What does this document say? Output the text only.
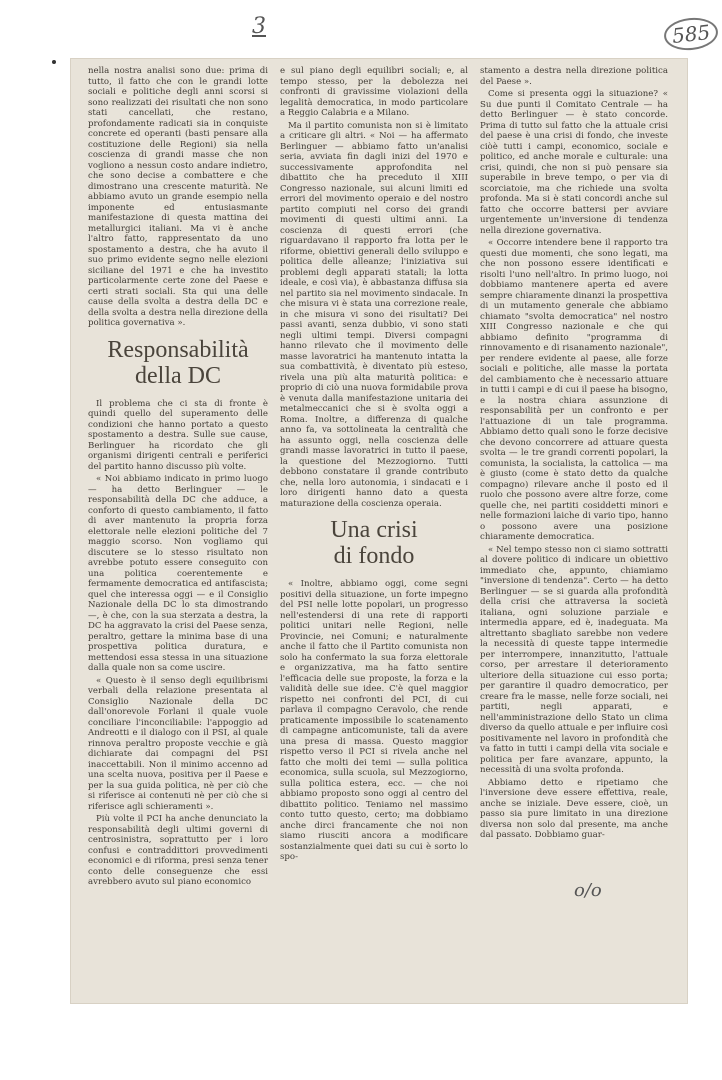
3	585

nella nostra analisi sono due: prima di tutto, il fatto che con le grandi lotte sociali e politiche degli anni scorsi si sono realizzati dei risultati che non sono stati cancellati, che restano, profondamente radicati sia in conquiste concrete ed operanti (basti pensare alla costituzione delle Regioni) sia nella coscienza di grandi masse che non vogliono a nessun costo andare indietro, che sono decise a combattere e che dimostrano una crescente maturità. Ne abbiamo avuto un grande esempio nella imponente ed entusiasmante manifestazione di questa mattina dei metallurgici italiani. Ma vi è anche l'altro fatto, rappresentato da uno spostamento a destra, che ha avuto il suo primo evidente segno nelle elezioni siciliane del 1971 e che ha investito particolarmente certe zone del Paese e certi strati sociali. Sta qui una delle cause della svolta a destra della DC e della svolta a destra nella direzione della politica governativa ».

Responsabilità
della DC

Il problema che ci sta di fronte è quindi quello del superamento delle condizioni che hanno portato a questo spostamento a destra. Sulle sue cause, Berlinguer ha ricordato che gli organismi dirigenti centrali e periferici del partito hanno discusso più volte.

« Noi abbiamo indicato in primo luogo — ha detto Berlinguer — le responsabilità della DC che adduce, a conforto di questo cambiamento, il fatto di aver mantenuto la propria forza elettorale nelle elezioni politiche del 7 maggio scorso. Non vogliamo qui discutere se lo stesso risultato non avrebbe potuto essere conseguito con una politica coerentemente e fermamente democratica ed antifascista; quel che interessa oggi — e il Consiglio Nazionale della DC lo sta dimostrando —, è che, con la sua sterzata a destra, la DC ha aggravato la crisi del Paese senza, peraltro, gettare la minima base di una prospettiva politica duratura, e mettendosi essa stessa in una situazione dalla quale non sa come uscire.

« Questo è il senso degli equilibrismi verbali della relazione presentata al Consiglio Nazionale della DC dall'onorevole Forlani il quale vuole conciliare l'inconciliabile: l'appoggio ad Andreotti e il dialogo con il PSI, al quale rinnova peraltro proposte vecchie e già dichiarate dai compagni del PSI inaccettabili. Non il minimo accenno ad una scelta nuova, positiva per il Paese e per la sua guida politica, nè per ciò che si riferisce ai contenuti nè per ciò che si riferisce agli schieramenti ».

Più volte il PCI ha anche denunciato la responsabilità degli ultimi governi di centrosinistra, soprattutto per i loro confusi e contraddittori provvedimenti economici e di riforma, presi senza tener conto delle conseguenze che essi avrebbero avuto sul piano economico

e sul piano degli equilibri sociali; e, al tempo stesso, per la debolezza nei confronti di gravissime violazioni della legalità democratica, in modo particolare a Reggio Calabria e a Milano.

Ma il partito comunista non si è limitato a criticare gli altri. « Noi — ha affermato Berlinguer — abbiamo fatto un'analisi seria, avviata fin dagli inizi del 1970 e successivamente approfondita nel dibattito che ha preceduto il XIII Congresso nazionale, sui alcuni limiti ed errori del movimento operaio e del nostro partito compiuti nel corso dei grandi movimenti di questi ultimi anni. La coscienza di questi errori (che riguardavano il rapporto fra lotta per le riforme, obiettivi generali dello sviluppo e politica delle alleanze; l'iniziativa sui problemi degli apparati statali; la lotta ideale, e così via), è abbastanza diffusa sia nel partito sia nel movimento sindacale. In che misura vi è stata una correzione reale, in che misura vi sono dei risultati? Dei passi avanti, senza dubbio, vi sono stati negli ultimi tempi. Diversi compagni hanno rilevato che il movimento delle masse lavoratrici ha mantenuto intatta la sua combattività, è diventato più esteso, rivela una più alta maturità politica: e proprio di ciò una nuova formidabile prova è venuta dalla manifestazione unitaria dei metalmeccanici che si è svolta oggi a Roma. Inoltre, a differenza di qualche anno fa, va sottolineata la centralità che ha assunto oggi, nella coscienza delle grandi masse lavoratrici in tutto il paese, la questione del Mezzogiorno. Tutti debbono constatare il grande contributo che, nella loro autonomia, i sindacati e i loro dirigenti hanno dato a questa maturazione della coscienza operaia.

Una crisi
di fondo

« Inoltre, abbiamo oggi, come segni positivi della situazione, un forte impegno del PSI nelle lotte popolari, un progresso nell'estendersi di una rete di rapporti politici unitari nelle Regioni, nelle Provincie, nei Comuni; e naturalmente anche il fatto che il Partito comunista non solo ha confermato la sua forza elettorale e organizzativa, ma ha fatto sentire l'efficacia delle sue proposte, la forza e la validità delle sue idee. C'è quel maggior rispetto nei confronti del PCI, di cui parlava il compagno Ceravolo, che rende praticamente impossibile lo scatenamento di campagne anticomuniste, tali da avere una presa di massa. Questo maggior rispetto verso il PCI si rivela anche nel fatto che molti dei temi — sulla politica economica, sulla scuola, sul Mezzogiorno, sulla politica estera, ecc. — che noi abbiamo proposto sono oggi al centro del dibattito politico. Teniamo nel massimo conto tutto questo, certo; ma dobbiamo anche dirci francamente che noi non siamo riusciti ancora a modificare sostanzialmente quei dati su cui è sorto lo spo-

stamento a destra nella direzione politica del Paese ».

Come si presenta oggi la situazione? « Su due punti il Comitato Centrale — ha detto Berlinguer — è stato concorde. Prima di tutto sul fatto che la attuale crisi del paese è una crisi di fondo, che investe ciòè tutti i campi, economico, sociale e politico, ed anche morale e culturale: una crisi, quindi, che non si può pensare sia superabile in breve tempo, o per via di scorciatoie, ma che richiede una svolta profonda. Ma si è stati concordi anche sul fatto che occorre battersi per avviare urgentemente un'inversione di tendenza nella direzione governativa.

« Occorre intendere bene il rapporto tra questi due momenti, che sono legati, ma che non possono essere identificati e risolti l'uno nell'altro. In primo luogo, noi dobbiamo mantenere aperta ed avere sempre chiaramente dinanzi la prospettiva di un mutamento generale che abbiamo chiamato "svolta democratica" nel nostro XIII Congresso nazionale e che qui abbiamo definito "programma di rinnovamento e di risanamento nazionale", per rendere evidente al paese, alle forze sociali e politiche, alle masse la portata del cambiamento che è necessario attuare in tutti i campi e di cui il paese ha bisogno, e la nostra chiara assunzione di responsabilità per un confronto e per l'attuazione di un tale programma. Abbiamo detto quali sono le forze decisive che devono concorrere ad attuare questa svolta — le tre grandi correnti popolari, la comunista, la socialista, la cattolica — ma è giusto (come è stato detto da qualche compagno) rilevare anche il posto ed il ruolo che possono avere altre forze, come quelle che, nei partiti cosiddetti minori e nelle formazioni laiche di vario tipo, hanno o possono avere una posizione chiaramente democratica.

« Nel tempo stesso non ci siamo sottratti al dovere politico di indicare un obiettivo immediato che, appunto, chiamiamo "inversione di tendenza". Certo — ha detto Berlinguer — se si guarda alla profondità della crisi che attraversa la società italiana, ogni soluzione parziale e intermedia appare, ed è, inadeguata. Ma altrettanto sbagliato sarebbe non vedere la necessità di queste tappe intermedie per interrompere, innanzitutto, l'attuale corso, per arrestare il deterioramento ulteriore della situazione cui esso porta; per garantire il quadro democratico, per creare fra le masse, nelle forze sociali, nei partiti, negli apparati, e nell'amministrazione dello Stato un clima diverso da quello attuale e per influire così positivamente nel lavoro in profondità che va fatto in tutti i campi della vita sociale e politica per fare avanzare, appunto, la necessità di una svolta profonda.

Abbiamo detto e ripetiamo che l'inversione deve essere effettiva, reale, anche se iniziale. Deve essere, cioè, un passo sia pure limitato in una direzione diversa non solo dal presente, ma anche dal passato. Dobbiamo guar-

o/o
